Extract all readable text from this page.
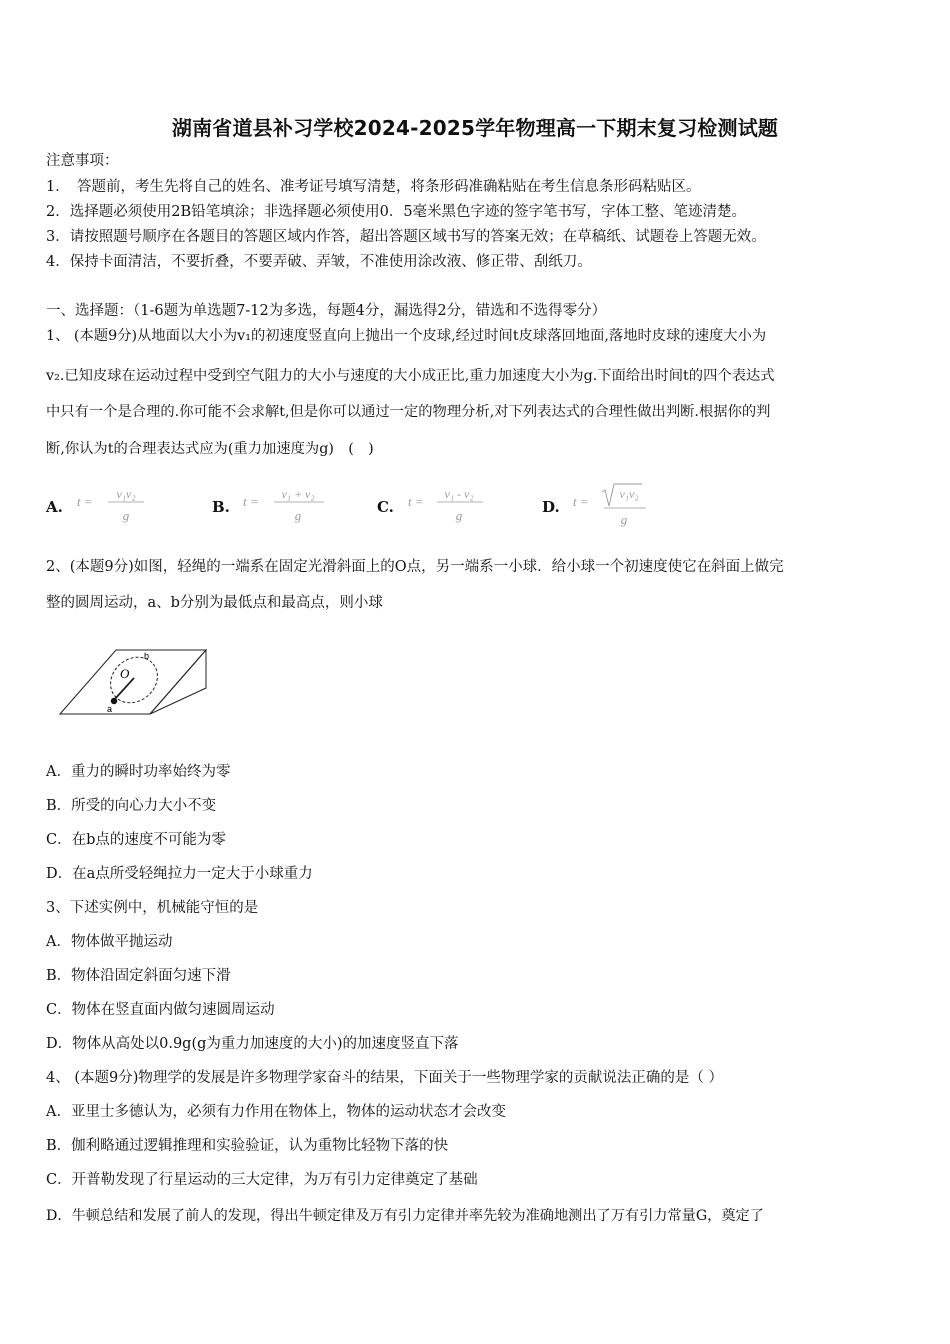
湖南省道县补习学校2024-2025学年物理高一下期末复习检测试题
注意事项：
1．　答题前，考生先将自己的姓名、准考证号填写清楚，将条形码准确粘贴在考生信息条形码粘贴区。
2．选择题必须使用2B铅笔填涂；非选择题必须使用0．5毫米黑色字迹的签字笔书写，字体工整、笔迹清楚。
3．请按照题号顺序在各题目的答题区域内作答，超出答题区域书写的答案无效；在草稿纸、试题卷上答题无效。
4．保持卡面清洁，不要折叠，不要弄破、弄皱，不准使用涂改液、修正带、刮纸刀。
一、选择题：（1-6题为单选题7-12为多选，每题4分，漏选得2分，错选和不选得零分）
1、 (本题9分)从地面以大小为v₁的初速度竖直向上抛出一个皮球,经过时间t皮球落回地面,落地时皮球的速度大小为
v₂.已知皮球在运动过程中受到空气阻力的大小与速度的大小成正比,重力加速度大小为g.下面给出时间t的四个表达式
中只有一个是合理的.你可能不会求解t,但是你可以通过一定的物理分析,对下列表达式的合理性做出判断.根据你的判
断,你认为t的合理表达式应为(重力加速度为g)　(　)
A. t = v₁v₂
g	B. t = v₁ + v₂
g	C. t = v₁ - v₂
g	D. t =	v₁v₂
g
2、(本题9分)如图，轻绳的一端系在固定光滑斜面上的O点，另一端系一小球．给小球一个初速度使它在斜面上做完
整的圆周运动，a、b分别为最低点和最高点，则小球
O
b
a
A．重力的瞬时功率始终为零
B．所受的向心力大小不变
C．在b点的速度不可能为零
D．在a点所受轻绳拉力一定大于小球重力
3、下述实例中，机械能守恒的是
A．物体做平抛运动
B．物体沿固定斜面匀速下滑
C．物体在竖直面内做匀速圆周运动
D．物体从高处以0.9g(g为重力加速度的大小)的加速度竖直下落
4、 (本题9分)物理学的发展是许多物理学家奋斗的结果，下面关于一些物理学家的贡献说法正确的是（ ）
A．亚里士多德认为，必须有力作用在物体上，物体的运动状态才会改变
B．伽利略通过逻辑推理和实验验证，认为重物比轻物下落的快
C．开普勒发现了行星运动的三大定律，为万有引力定律奠定了基础
D．牛顿总结和发展了前人的发现，得出牛顿定律及万有引力定律并率先较为准确地测出了万有引力常量G，奠定了
